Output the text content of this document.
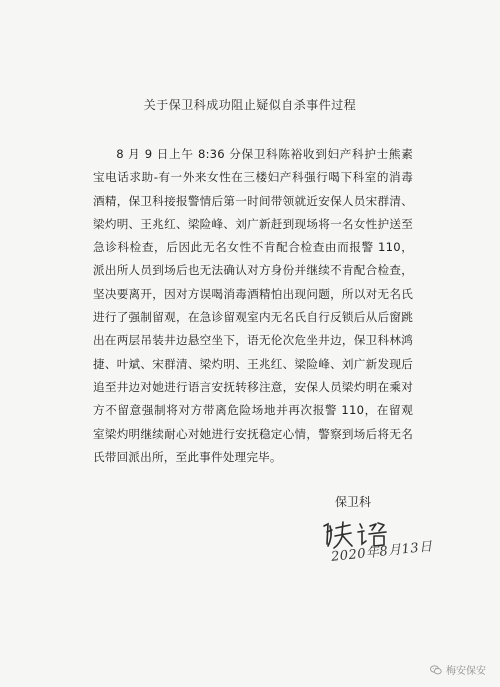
关于保卫科成功阻止疑似自杀事件过程

8 月 9 日上午 8:36 分保卫科陈裕收到妇产科护士熊素宝电话求助-有一外来女性在三楼妇产科强行喝下科室的消毒酒精，保卫科接报警情后第一时间带领就近安保人员宋群清、梁灼明、王兆红、梁险峰、刘广新赶到现场将一名女性护送至急诊科检查，后因此无名女性不肯配合检查由而报警 110，派出所人员到场后也无法确认对方身份并继续不肯配合检查，坚决要离开，因对方误喝消毒酒精怕出现问题，所以对无名氏进行了强制留观，在急诊留观室内无名氏自行反锁后从后窗跳出在两层吊装井边悬空坐下，语无伦次危坐井边，保卫科林鸿捷、叶斌、宋群清、梁灼明、王兆红、梁险峰、刘广新发现后追至井边对她进行语言安抚转移注意，安保人员梁灼明在乘对方不留意强制将对方带离危险场地并再次报警 110，在留观室梁灼明继续耐心对她进行安抚稳定心情，警察到场后将无名氏带回派出所，至此事件处理完毕。

保卫科
2020年8月13日
梅安保安
